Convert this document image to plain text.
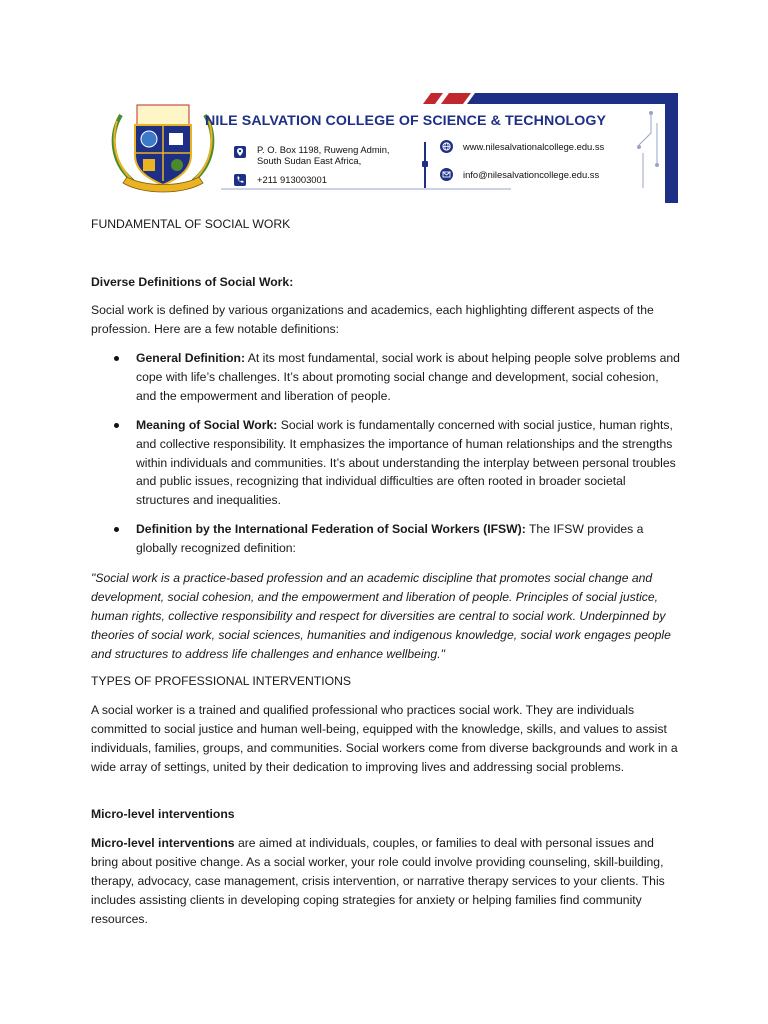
NILE SALVATION COLLEGE OF SCIENCE & TECHNOLOGY
P. O. Box 1198, Ruweng Admin,
South Sudan East Africa,
+211 913003001
www.nilesalvationalcollege.edu.ss
info@nilesalvationcollege.edu.ss

FUNDAMENTAL OF SOCIAL WORK

Diverse Definitions of Social Work:

Social work is defined by various organizations and academics, each highlighting different aspects of the profession. Here are a few notable definitions:

General Definition: At its most fundamental, social work is about helping people solve problems and cope with life’s challenges. It’s about promoting social change and development, social cohesion, and the empowerment and liberation of people.
Meaning of Social Work: Social work is fundamentally concerned with social justice, human rights, and collective responsibility. It emphasizes the importance of human relationships and the strengths within individuals and communities. It’s about understanding the interplay between personal troubles and public issues, recognizing that individual difficulties are often rooted in broader societal structures and inequalities.
Definition by the International Federation of Social Workers (IFSW): The IFSW provides a globally recognized definition:

"Social work is a practice-based profession and an academic discipline that promotes social change and development, social cohesion, and the empowerment and liberation of people. Principles of social justice, human rights, collective responsibility and respect for diversities are central to social work. Underpinned by theories of social work, social sciences, humanities and indigenous knowledge, social work engages people and structures to address life challenges and enhance wellbeing."

TYPES OF PROFESSIONAL INTERVENTIONS

A social worker is a trained and qualified professional who practices social work. They are individuals committed to social justice and human well-being, equipped with the knowledge, skills, and values to assist individuals, families, groups, and communities. Social workers come from diverse backgrounds and work in a wide array of settings, united by their dedication to improving lives and addressing social problems.

Micro-level interventions

Micro-level interventions are aimed at individuals, couples, or families to deal with personal issues and bring about positive change. As a social worker, your role could involve providing counseling, skill-building, therapy, advocacy, case management, crisis intervention, or narrative therapy services to your clients. This includes assisting clients in developing coping strategies for anxiety or helping families find community resources.
